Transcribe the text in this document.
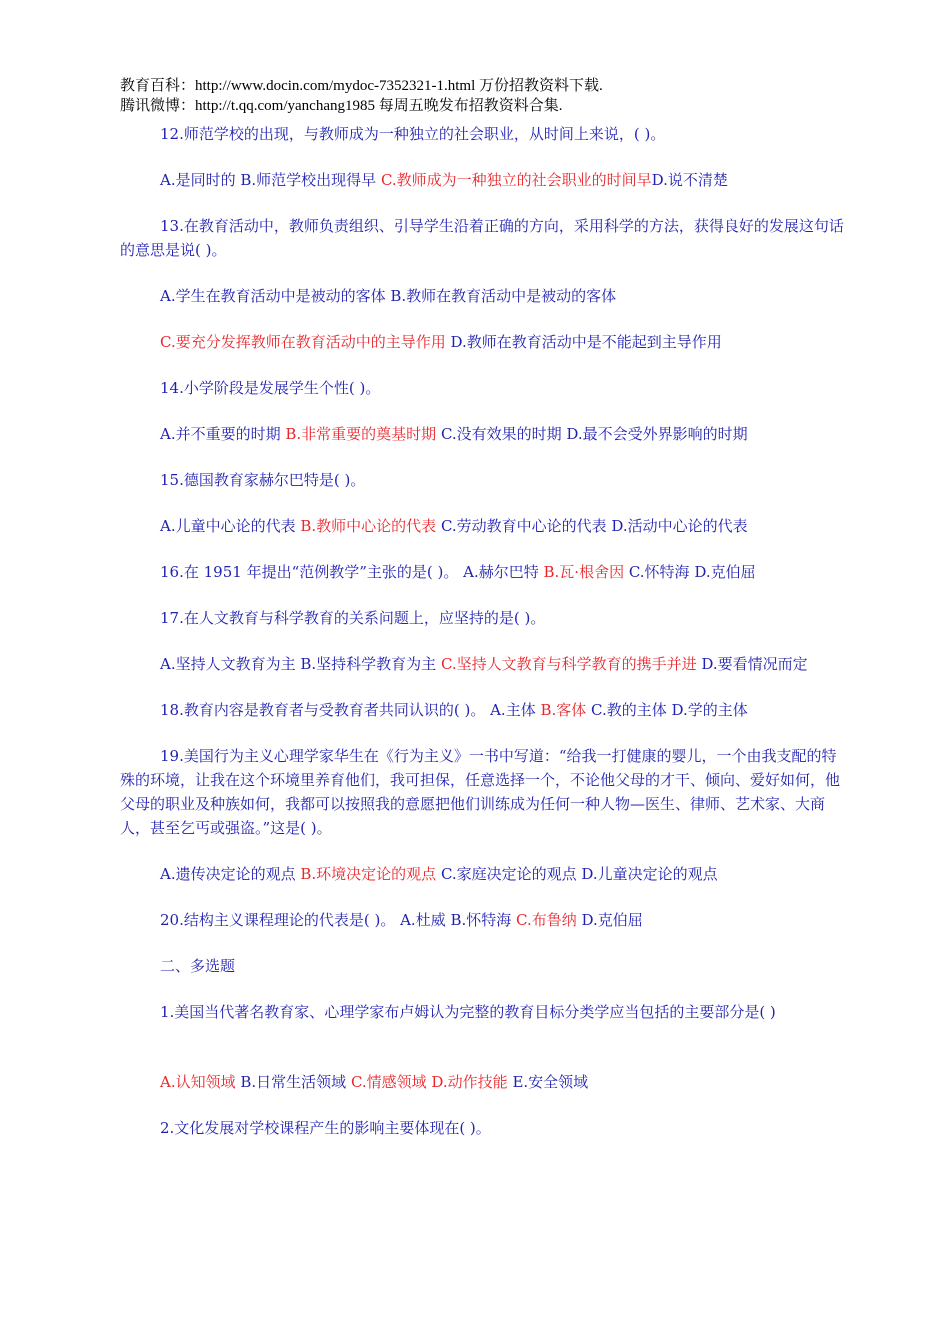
教育百科：http://www.docin.com/mydoc-7352321-1.html 万份招教资料下载.
腾讯微博：http://t.qq.com/yanchang1985 每周五晚发布招教资料合集.

12.师范学校的出现，与教师成为一种独立的社会职业，从时间上来说，( )。

A.是同时的 B.师范学校出现得早 C.教师成为一种独立的社会职业的时间早D.说不清楚

13.在教育活动中，教师负责组织、引导学生沿着正确的方向，采用科学的方法，获得良好的发展这句话的意思是说( )。

A.学生在教育活动中是被动的客体 B.教师在教育活动中是被动的客体

C.要充分发挥教师在教育活动中的主导作用 D.教师在教育活动中是不能起到主导作用

14.小学阶段是发展学生个性( )。

A.并不重要的时期 B.非常重要的奠基时期 C.没有效果的时期 D.最不会受外界影响的时期

15.德国教育家赫尔巴特是( )。

A.儿童中心论的代表 B.教师中心论的代表 C.劳动教育中心论的代表 D.活动中心论的代表

16.在 1951 年提出“范例教学”主张的是( )。 A.赫尔巴特 B.瓦·根舍因 C.怀特海 D.克伯屈

17.在人文教育与科学教育的关系问题上，应坚持的是( )。

A.坚持人文教育为主 B.坚持科学教育为主 C.坚持人文教育与科学教育的携手并进 D.要看情况而定

18.教育内容是教育者与受教育者共同认识的( )。 A.主体 B.客体 C.教的主体 D.学的主体

19.美国行为主义心理学家华生在《行为主义》一书中写道：“给我一打健康的婴儿，一个由我支配的特殊的环境，让我在这个环境里养育他们，我可担保，任意选择一个，不论他父母的才干、倾向、爱好如何，他父母的职业及种族如何，我都可以按照我的意愿把他们训练成为任何一种人物—医生、律师、艺术家、大商人，甚至乞丐或强盗。”这是( )。

A.遗传决定论的观点 B.环境决定论的观点 C.家庭决定论的观点 D.儿童决定论的观点

20.结构主义课程理论的代表是( )。 A.杜威 B.怀特海 C.布鲁纳 D.克伯屈

二、多选题

1.美国当代著名教育家、心理学家布卢姆认为完整的教育目标分类学应当包括的主要部分是( )

A.认知领域 B.日常生活领域 C.情感领域 D.动作技能 E.安全领域

2.文化发展对学校课程产生的影响主要体现在( )。
